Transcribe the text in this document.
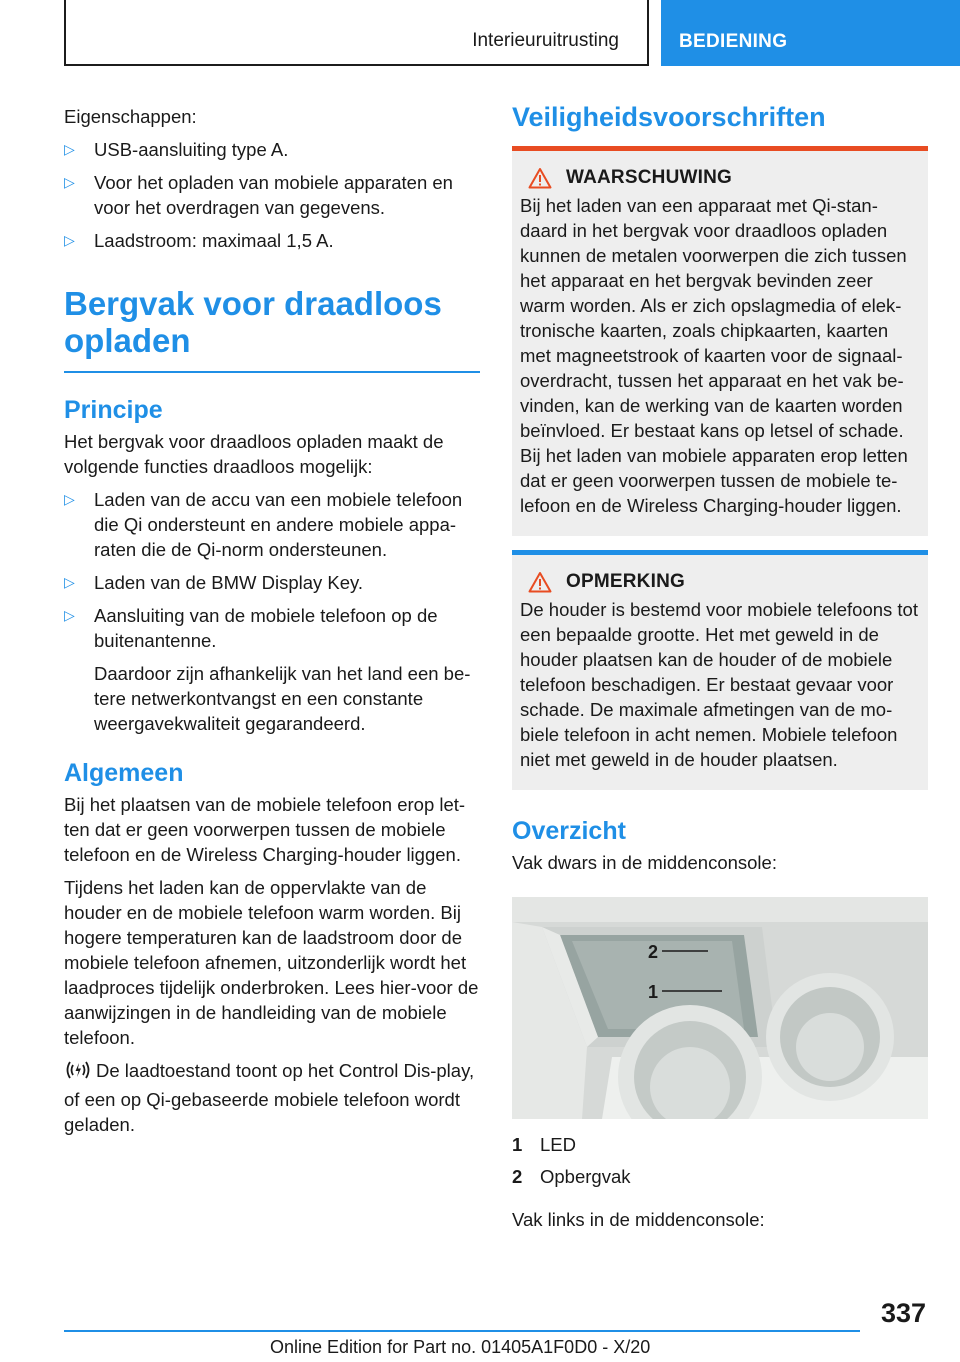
Interieuruitrusting	BEDIENING

Eigenschappen:

▷ USB-aansluiting type A.
▷ Voor het opladen van mobiele apparaten en voor het overdragen van gegevens.
▷ Laadstroom: maximaal 1,5 A.
Bergvak voor draadloos opladen
Principe

Het bergvak voor draadloos opladen maakt de volgende functies draadloos mogelijk:

▷ Laden van de accu van een mobiele telefoon die Qi ondersteunt en andere mobiele appa-raten die de Qi-norm ondersteunen.
▷ Laden van de BMW Display Key.
▷ Aansluiting van de mobiele telefoon op de buitenantenne.

Daardoor zijn afhankelijk van het land een be-tere netwerkontvangst en een constante weergavekwaliteit gegarandeerd.

Algemeen

Bij het plaatsen van de mobiele telefoon erop let-ten dat er geen voorwerpen tussen de mobiele telefoon en de Wireless Charging-houder liggen.

Tijdens het laden kan de oppervlakte van de houder en de mobiele telefoon warm worden. Bij hogere temperaturen kan de laadstroom door de mobiele telefoon afnemen, uitzonderlijk wordt het laadproces tijdelijk onderbroken. Lees hier-voor de aanwijzingen in de handleiding van de mobiele telefoon.

De laadtoestand toont op het Control Dis-play, of een op Qi-gebaseerde mobiele telefoon wordt geladen.

Veiligheidsvoorschriften
WAARSCHUWING

Bij het laden van een apparaat met Qi-stan-daard in het bergvak voor draadloos opladen kunnen de metalen voorwerpen die zich tussen het apparaat en het bergvak bevinden zeer warm worden. Als er zich opslagmedia of elek-tronische kaarten, zoals chipkaarten, kaarten met magneetstrook of kaarten voor de signaal-overdracht, tussen het apparaat en het vak be-vinden, kan de werking van de kaarten worden beïnvloed. Er bestaat kans op letsel of schade. Bij het laden van mobiele apparaten erop letten dat er geen voorwerpen tussen de mobiele te-lefoon en de Wireless Charging-houder liggen.

OPMERKING

De houder is bestemd voor mobiele telefoons tot een bepaalde grootte. Het met geweld in de houder plaatsen kan de houder of de mobiele telefoon beschadigen. Er bestaat gevaar voor schade. De maximale afmetingen van de mo-biele telefoon in acht nemen. Mobiele telefoon niet met geweld in de houder plaatsen.

Overzicht

Vak dwars in de middenconsole:

2
1
1 LED
2 Opbergvak

Vak links in de middenconsole:

337
Online Edition for Part no. 01405A1F0D0 - X/20
